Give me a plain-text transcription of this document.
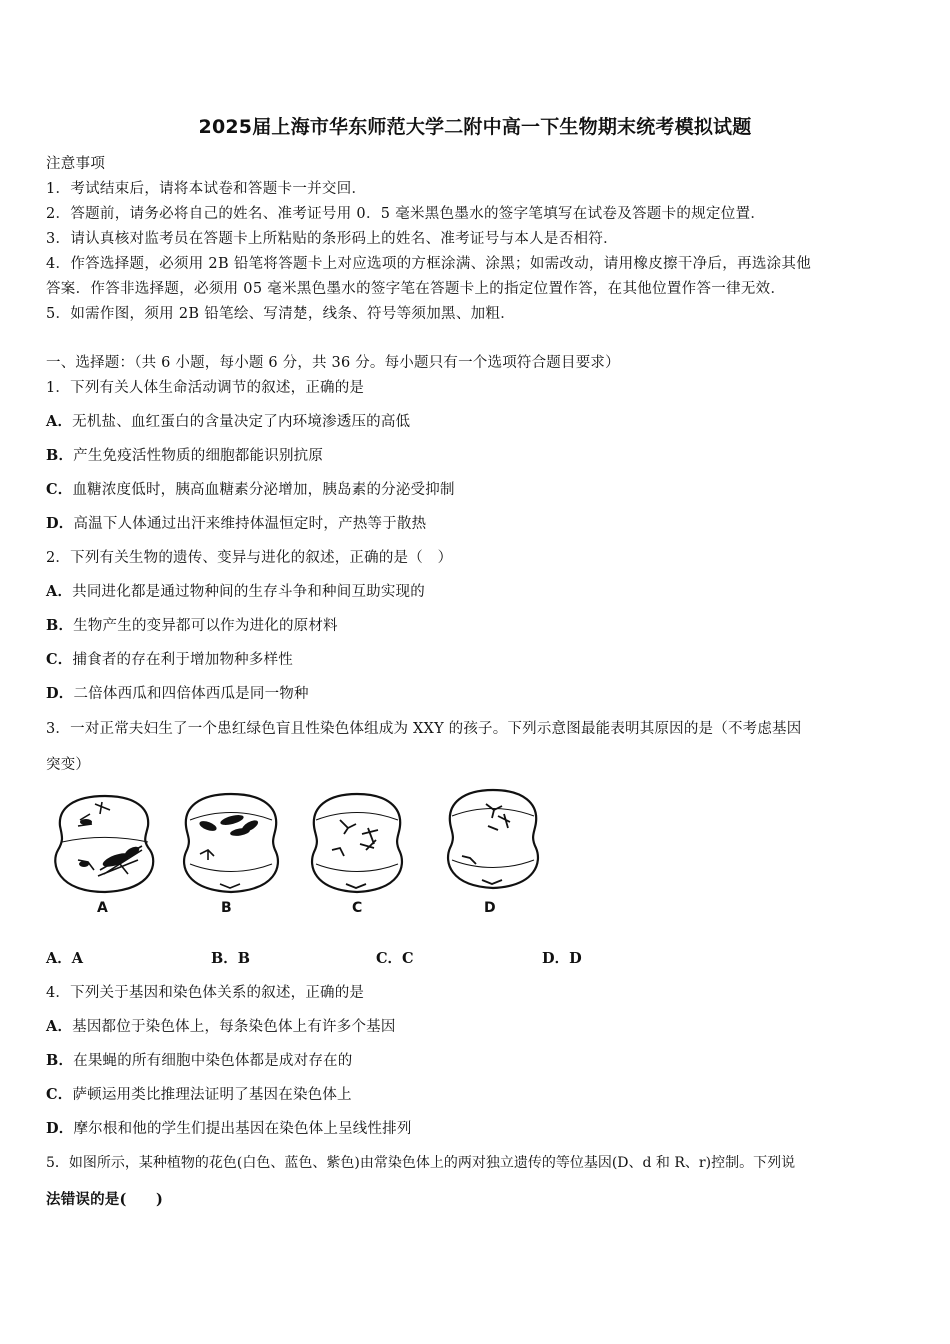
2025届上海市华东师范大学二附中高一下生物期末统考模拟试题
注意事项
1．考试结束后，请将本试卷和答题卡一并交回．
2．答题前，请务必将自己的姓名、准考证号用 0．5 毫米黑色墨水的签字笔填写在试卷及答题卡的规定位置．
3．请认真核对监考员在答题卡上所粘贴的条形码上的姓名、准考证号与本人是否相符．
4．作答选择题，必须用 2B 铅笔将答题卡上对应选项的方框涂满、涂黑；如需改动，请用橡皮擦干净后，再选涂其他
答案．作答非选择题，必须用 05 毫米黑色墨水的签字笔在答题卡上的指定位置作答，在其他位置作答一律无效．
5．如需作图，须用 2B 铅笔绘、写清楚，线条、符号等须加黑、加粗．
一、选择题：（共 6 小题，每小题 6 分，共 36 分。每小题只有一个选项符合题目要求）
1．下列有关人体生命活动调节的叙述，正确的是
A．无机盐、血红蛋白的含量决定了内环境渗透压的高低
B．产生免疫活性物质的细胞都能识别抗原
C．血糖浓度低时，胰高血糖素分泌增加，胰岛素的分泌受抑制
D．高温下人体通过出汗来维持体温恒定时，产热等于散热
2．下列有关生物的遗传、变异与进化的叙述，正确的是（　）
A．共同进化都是通过物种间的生存斗争和种间互助实现的
B．生物产生的变异都可以作为进化的原材料
C．捕食者的存在利于增加物种多样性
D．二倍体西瓜和四倍体西瓜是同一物种
3．一对正常夫妇生了一个患红绿色盲且性染色体组成为 XXY 的孩子。下列示意图最能表明其原因的是（不考虑基因
突变）
A	B	C	D
A．A	B．B	C．C	D．D
4．下列关于基因和染色体关系的叙述，正确的是
A．基因都位于染色体上，每条染色体上有许多个基因
B．在果蝇的所有细胞中染色体都是成对存在的
C．萨顿运用类比推理法证明了基因在染色体上
D．摩尔根和他的学生们提出基因在染色体上呈线性排列
5．如图所示，某种植物的花色(白色、蓝色、紫色)由常染色体上的两对独立遗传的等位基因(D、d 和 R、r)控制。下列说
法错误的是(　　)
